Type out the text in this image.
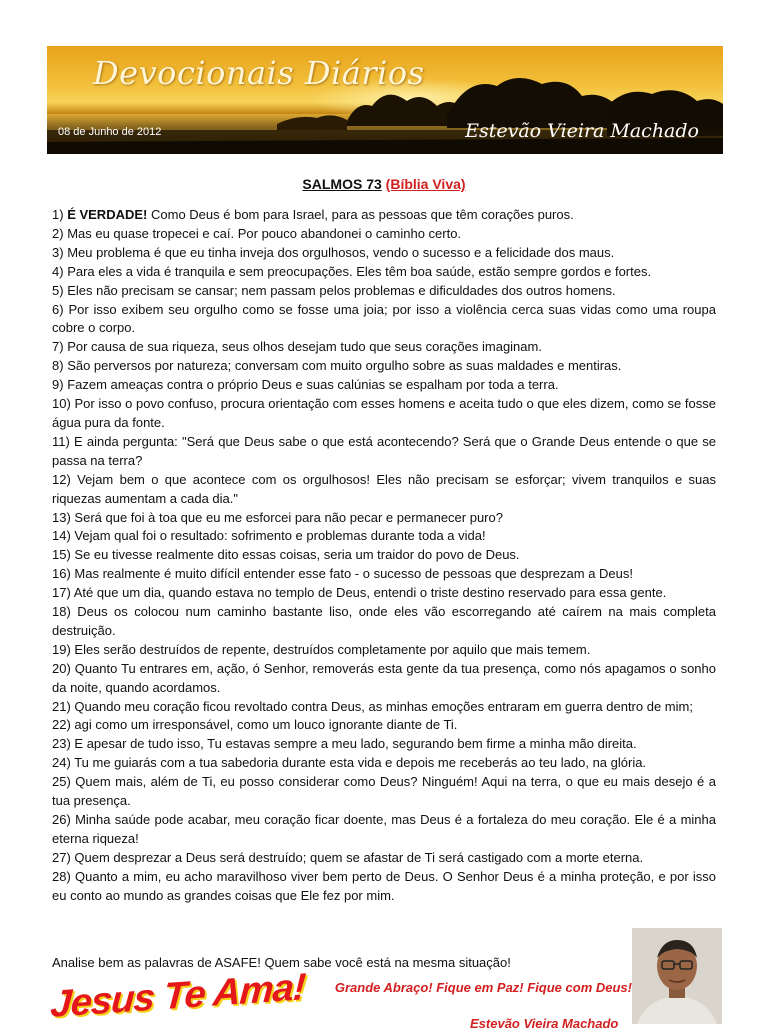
Devocionais Diários
08 de Junho de 2012	Estevão Vieira Machado
SALMOS 73 (Bíblia Viva)

1) É VERDADE! Como Deus é bom para Israel, para as pessoas que têm corações puros.

2) Mas eu quase tropecei e caí. Por pouco abandonei o caminho certo.

3) Meu problema é que eu tinha inveja dos orgulhosos, vendo o sucesso e a felicidade dos maus.

4) Para eles a vida é tranquila e sem preocupações. Eles têm boa saúde, estão sempre gordos e fortes.

5) Eles não precisam se cansar; nem passam pelos problemas e dificuldades dos outros homens.

6) Por isso exibem seu orgulho como se fosse uma joia; por isso a violência cerca suas vidas como uma roupa cobre o corpo.

7) Por causa de sua riqueza, seus olhos desejam tudo que seus corações imaginam.

8) São perversos por natureza; conversam com muito orgulho sobre as suas maldades e mentiras.

9) Fazem ameaças contra o próprio Deus e suas calúnias se espalham por toda a terra.

10) Por isso o povo confuso, procura orientação com esses homens e aceita tudo o que eles dizem, como se fosse água pura da fonte.

11) E ainda pergunta: "Será que Deus sabe o que está acontecendo? Será que o Grande Deus entende o que se passa na terra?

12) Vejam bem o que acontece com os orgulhosos! Eles não precisam se esforçar; vivem tranquilos e suas riquezas aumentam a cada dia."

13) Será que foi à toa que eu me esforcei para não pecar e permanecer puro?

14) Vejam qual foi o resultado: sofrimento e problemas durante toda a vida!

15) Se eu tivesse realmente dito essas coisas, seria um traidor do povo de Deus.

16) Mas realmente é muito difícil entender esse fato - o sucesso de pessoas que desprezam a Deus!

17) Até que um dia, quando estava no templo de Deus, entendi o triste destino reservado para essa gente.

18) Deus os colocou num caminho bastante liso, onde eles vão escorregando até caírem na mais completa destruição.

19) Eles serão destruídos de repente, destruídos completamente por aquilo que mais temem.

20) Quanto Tu entrares em, ação, ó Senhor, removerás esta gente da tua presença, como nós apagamos o sonho da noite, quando acordamos.

21) Quando meu coração ficou revoltado contra Deus, as minhas emoções entraram em guerra dentro de mim;

22) agi como um irresponsável, como um louco ignorante diante de Ti.

23) E apesar de tudo isso, Tu estavas sempre a meu lado, segurando bem firme a minha mão direita.

24) Tu me guiarás com a tua sabedoria durante esta vida e depois me receberás ao teu lado, na glória.

25) Quem mais, além de Ti, eu posso considerar como Deus? Ninguém! Aqui na terra, o que eu mais desejo é a tua presença.

26) Minha saúde pode acabar, meu coração ficar doente, mas Deus é a fortaleza do meu coração. Ele é a minha eterna riqueza!

27) Quem desprezar a Deus será destruído; quem se afastar de Ti será castigado com a morte eterna.

28) Quanto a mim, eu acho maravilhoso viver bem perto de Deus. O Senhor Deus é a minha proteção, e por isso eu conto ao mundo as grandes coisas que Ele fez por mim.

Analise bem as palavras de ASAFE! Quem sabe você está na mesma situação!
Jesus Te Ama!	Grande Abraço! Fique em Paz! Fique com Deus!
Estevão Vieira Machado
